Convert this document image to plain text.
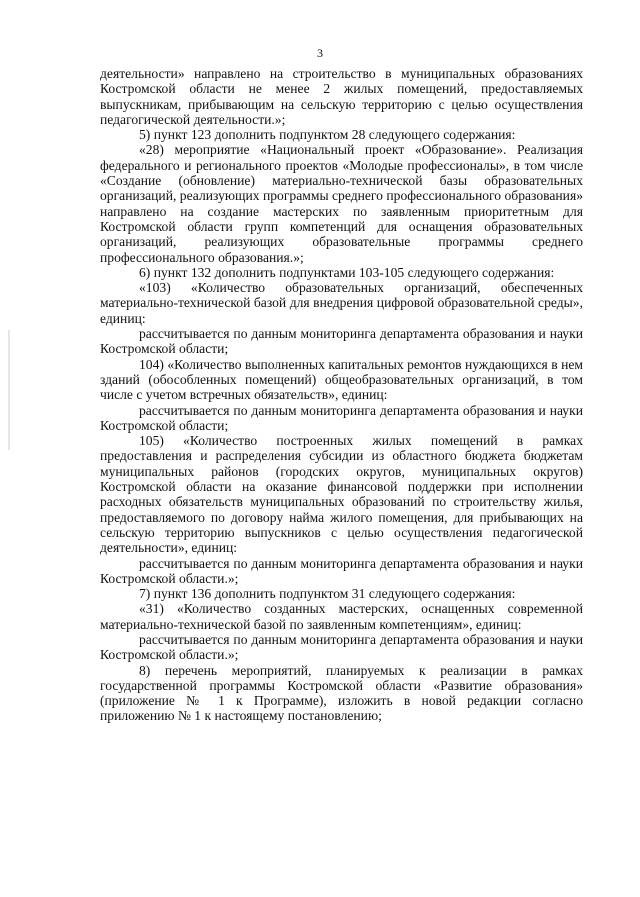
3

деятельности» направлено на строительство в муниципальных образованиях Костромской области не менее 2 жилых помещений, предоставляемых выпускникам, прибывающим на сельскую территорию с целью осуществления педагогической деятельности.»;

5) пункт 123 дополнить подпунктом 28 следующего содержания:

«28) мероприятие «Национальный проект «Образование». Реализация федерального и регионального проектов «Молодые профессионалы», в том числе «Создание (обновление) материально-технической базы образовательных организаций, реализующих программы среднего профессионального образования» направлено на создание мастерских по заявленным приоритетным для Костромской области групп компетенций для оснащения образовательных организаций, реализующих образовательные программы среднего профессионального образования.»;

6) пункт 132 дополнить подпунктами 103-105 следующего содержания:

«103) «Количество образовательных организаций, обеспеченных материально-технической базой для внедрения цифровой образовательной среды», единиц:

рассчитывается по данным мониторинга департамента образования и науки Костромской области;

104) «Количество выполненных капитальных ремонтов нуждающихся в нем зданий (обособленных помещений) общеобразовательных организаций, в том числе с учетом встречных обязательств», единиц:

рассчитывается по данным мониторинга департамента образования и науки Костромской области;

105) «Количество построенных жилых помещений в рамках предоставления и распределения субсидии из областного бюджета бюджетам муниципальных районов (городских округов, муниципальных округов) Костромской области на оказание финансовой поддержки при исполнении расходных обязательств муниципальных образований по строительству жилья, предоставляемого по договору найма жилого помещения, для прибывающих на сельскую территорию выпускников с целью осуществления педагогической деятельности», единиц:

рассчитывается по данным мониторинга департамента образования и науки Костромской области.»;

7) пункт 136 дополнить подпунктом 31 следующего содержания:

«31) «Количество созданных мастерских, оснащенных современной материально-технической базой по заявленным компетенциям», единиц:

рассчитывается по данным мониторинга департамента образования и науки Костромской области.»;

8) перечень мероприятий, планируемых к реализации в рамках государственной программы Костромской области «Развитие образования» (приложение № 1 к Программе), изложить в новой редакции согласно приложению № 1 к настоящему постановлению;
